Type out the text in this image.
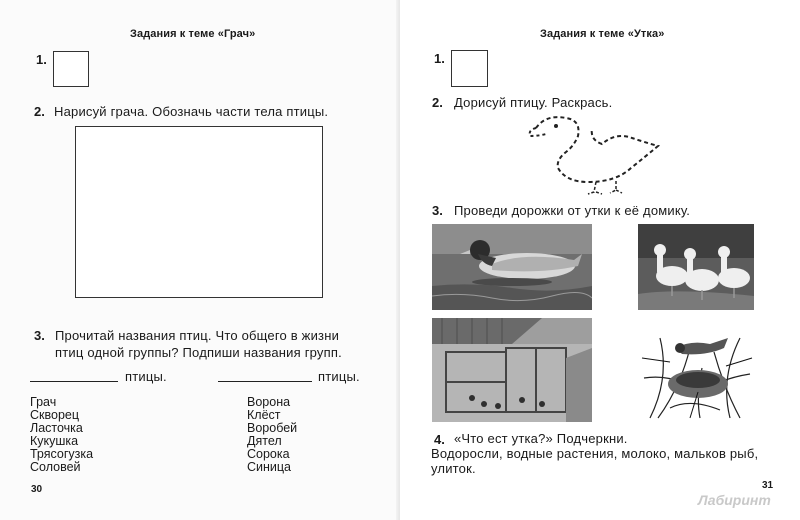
Задания к теме «Грач»
1.
2. Нарисуй грача. Обозначь части тела птицы.
3. Прочитай названия птиц. Что общего в жизни
птиц одной группы? Подпиши названия групп.
птицы.	птицы.
Грач
Скворец
Ласточка
Кукушка
Трясогузка
Соловей
Ворона
Клёст
Воробей
Дятел
Сорока
Синица
30
Задания к теме «Утка»
1.
2. Дорисуй птицу. Раскрась.
3. Проведи дорожки от утки к её домику.
4. «Что ест утка?» Подчеркни.
Водоросли, водные растения, молоко, мальков рыб,
улиток.
31
Лабиринт
